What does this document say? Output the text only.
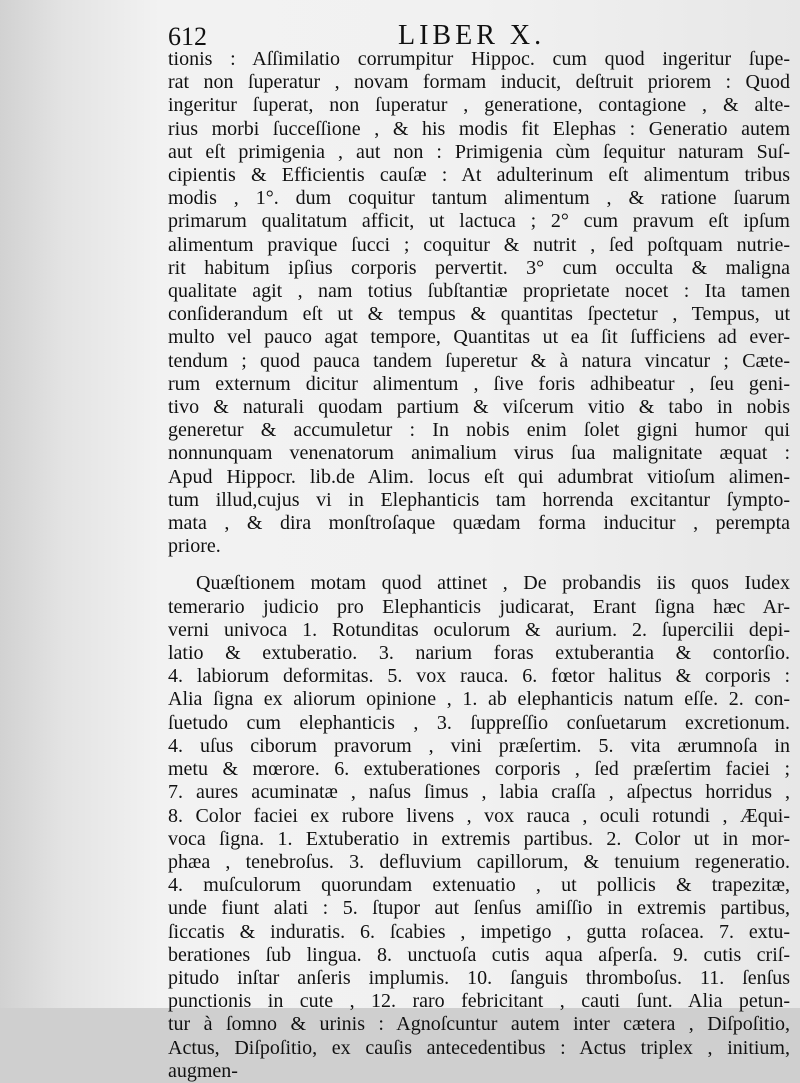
612	LIBER X.
tionis : Aſſimilatio corrumpitur Hippoc. cum quod ingeritur ſupe-
rat non ſuperatur , novam formam inducit, deſtruit priorem : Quod
ingeritur ſuperat, non ſuperatur , generatione, contagione , & alte-
rius morbi ſucceſſione , & his modis fit Elephas : Generatio autem
aut eſt primigenia , aut non : Primigenia cùm ſequitur naturam Suſ-
cipientis & Efficientis cauſæ : At adulterinum eſt alimentum tribus
modis , 1°. dum coquitur tantum alimentum , & ratione ſuarum
primarum qualitatum afficit, ut lactuca ; 2° cum pravum eſt ipſum
alimentum pravique ſucci ; coquitur & nutrit , ſed poſtquam nutrie-
rit habitum ipſius corporis pervertit. 3° cum occulta & maligna
qualitate agit , nam totius ſubſtantiæ proprietate nocet : Ita tamen
conſiderandum eſt ut & tempus & quantitas ſpectetur , Tempus, ut
multo vel pauco agat tempore, Quantitas ut ea ſit ſufficiens ad ever-
tendum ; quod pauca tandem ſuperetur & à natura vincatur ; Cæte-
rum externum dicitur alimentum , ſive foris adhibeatur , ſeu geni-
tivo & naturali quodam partium & viſcerum vitio & tabo in nobis
generetur & accumuletur : In nobis enim ſolet gigni humor qui
nonnunquam venenatorum animalium virus ſua malignitate æquat :
Apud Hippocr. lib.de Alim. locus eſt qui adumbrat vitioſum alimen-
tum illud,cujus vi in Elephanticis tam horrenda excitantur ſympto-
mata , & dira monſtroſaque quædam forma inducitur , perempta
priore.
Quæſtionem motam quod attinet , De probandis iis quos Iudex
temerario judicio pro Elephanticis judicarat, Erant ſigna hæc Ar-
verni univoca 1. Rotunditas oculorum & aurium. 2. ſupercilii depi-
latio & extuberatio. 3. narium foras extuberantia & contorſio.
4. labiorum deformitas. 5. vox rauca. 6. fœtor halitus & corporis :
Alia ſigna ex aliorum opinione , 1. ab elephanticis natum eſſe. 2. con-
ſuetudo cum elephanticis , 3. ſuppreſſio conſuetarum excretionum.
4. uſus ciborum pravorum , vini præſertim. 5. vita ærumnoſa in
metu & mœrore. 6. extuberationes corporis , ſed præſertim faciei ;
7. aures acuminatæ , naſus ſimus , labia craſſa , aſpectus horridus ,
8. Color faciei ex rubore livens , vox rauca , oculi rotundi , Æqui-
voca ſigna. 1. Extuberatio in extremis partibus. 2. Color ut in mor-
phæa , tenebroſus. 3. defluvium capillorum, & tenuium regeneratio.
4. muſculorum quorundam extenuatio , ut pollicis & trapezitæ,
unde fiunt alati : 5. ſtupor aut ſenſus amiſſio in extremis partibus,
ſiccatis & induratis. 6. ſcabies , impetigo , gutta roſacea. 7. extu-
berationes ſub lingua. 8. unctuoſa cutis aqua aſperſa. 9. cutis criſ-
pitudo inſtar anſeris implumis. 10. ſanguis thromboſus. 11. ſenſus
punctionis in cute , 12. raro febricitant , cauti ſunt. Alia petun-
tur à ſomno & urinis : Agnoſcuntur autem inter cætera , Diſpoſitio,
Actus, Diſpoſitio, ex cauſis antecedentibus : Actus triplex , initium,
augmen-
